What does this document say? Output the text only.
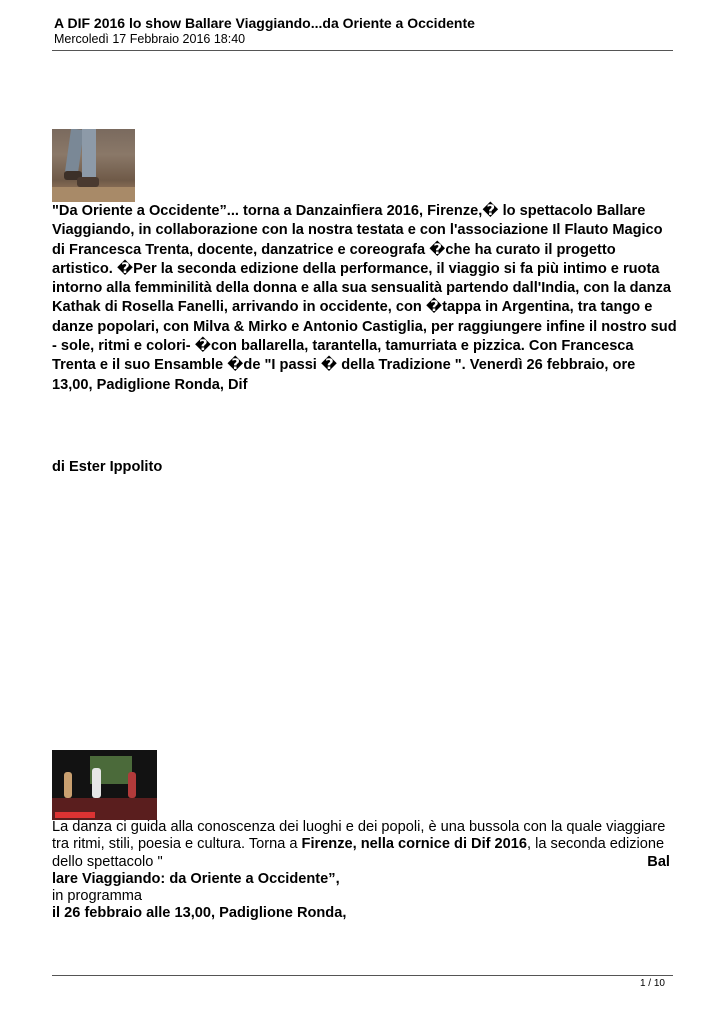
A DIF 2016 lo show Ballare Viaggiando...da Oriente a Occidente
Mercoledì 17 Febbraio 2016 18:40
"Da Oriente a Occidente”... torna a Danzainfiera 2016, Firenze,� lo spettacolo Ballare Viaggiando, in collaborazione con la nostra testata e con l'associazione Il Flauto Magico di Francesca Trenta, docente, danzatrice e coreografa �che ha curato il progetto artistico. �Per la seconda edizione della performance, il viaggio si fa più intimo e ruota intorno alla femminilità della donna e alla sua sensualità partendo dall'India, con la danza Kathak di Rosella Fanelli, arrivando in occidente, con �tappa in Argentina, tra tango e danze popolari, con Milva & Mirko e Antonio Castiglia, per raggiungere infine il nostro sud - sole, ritmi e colori- �con ballarella, tarantella, tamurriata e pizzica. Con Francesca Trenta e il suo Ensamble �de "I passi � della Tradizione ". Venerdì 26 febbraio, ore 13,00, Padiglione Ronda, Dif
di Ester Ippolito
La danza ci guida alla conoscenza dei luoghi e dei popoli, è una bussola con la quale viaggiare
tra ritmi, stili, poesia e cultura. Torna a Firenze, nella cornice di Dif 2016, la seconda edizione
dello spettacolo "	Bal
lare Viaggiando: da Oriente a Occidente”,
in programma
il 26 febbraio alle 13,00, Padiglione Ronda,
1 / 10
